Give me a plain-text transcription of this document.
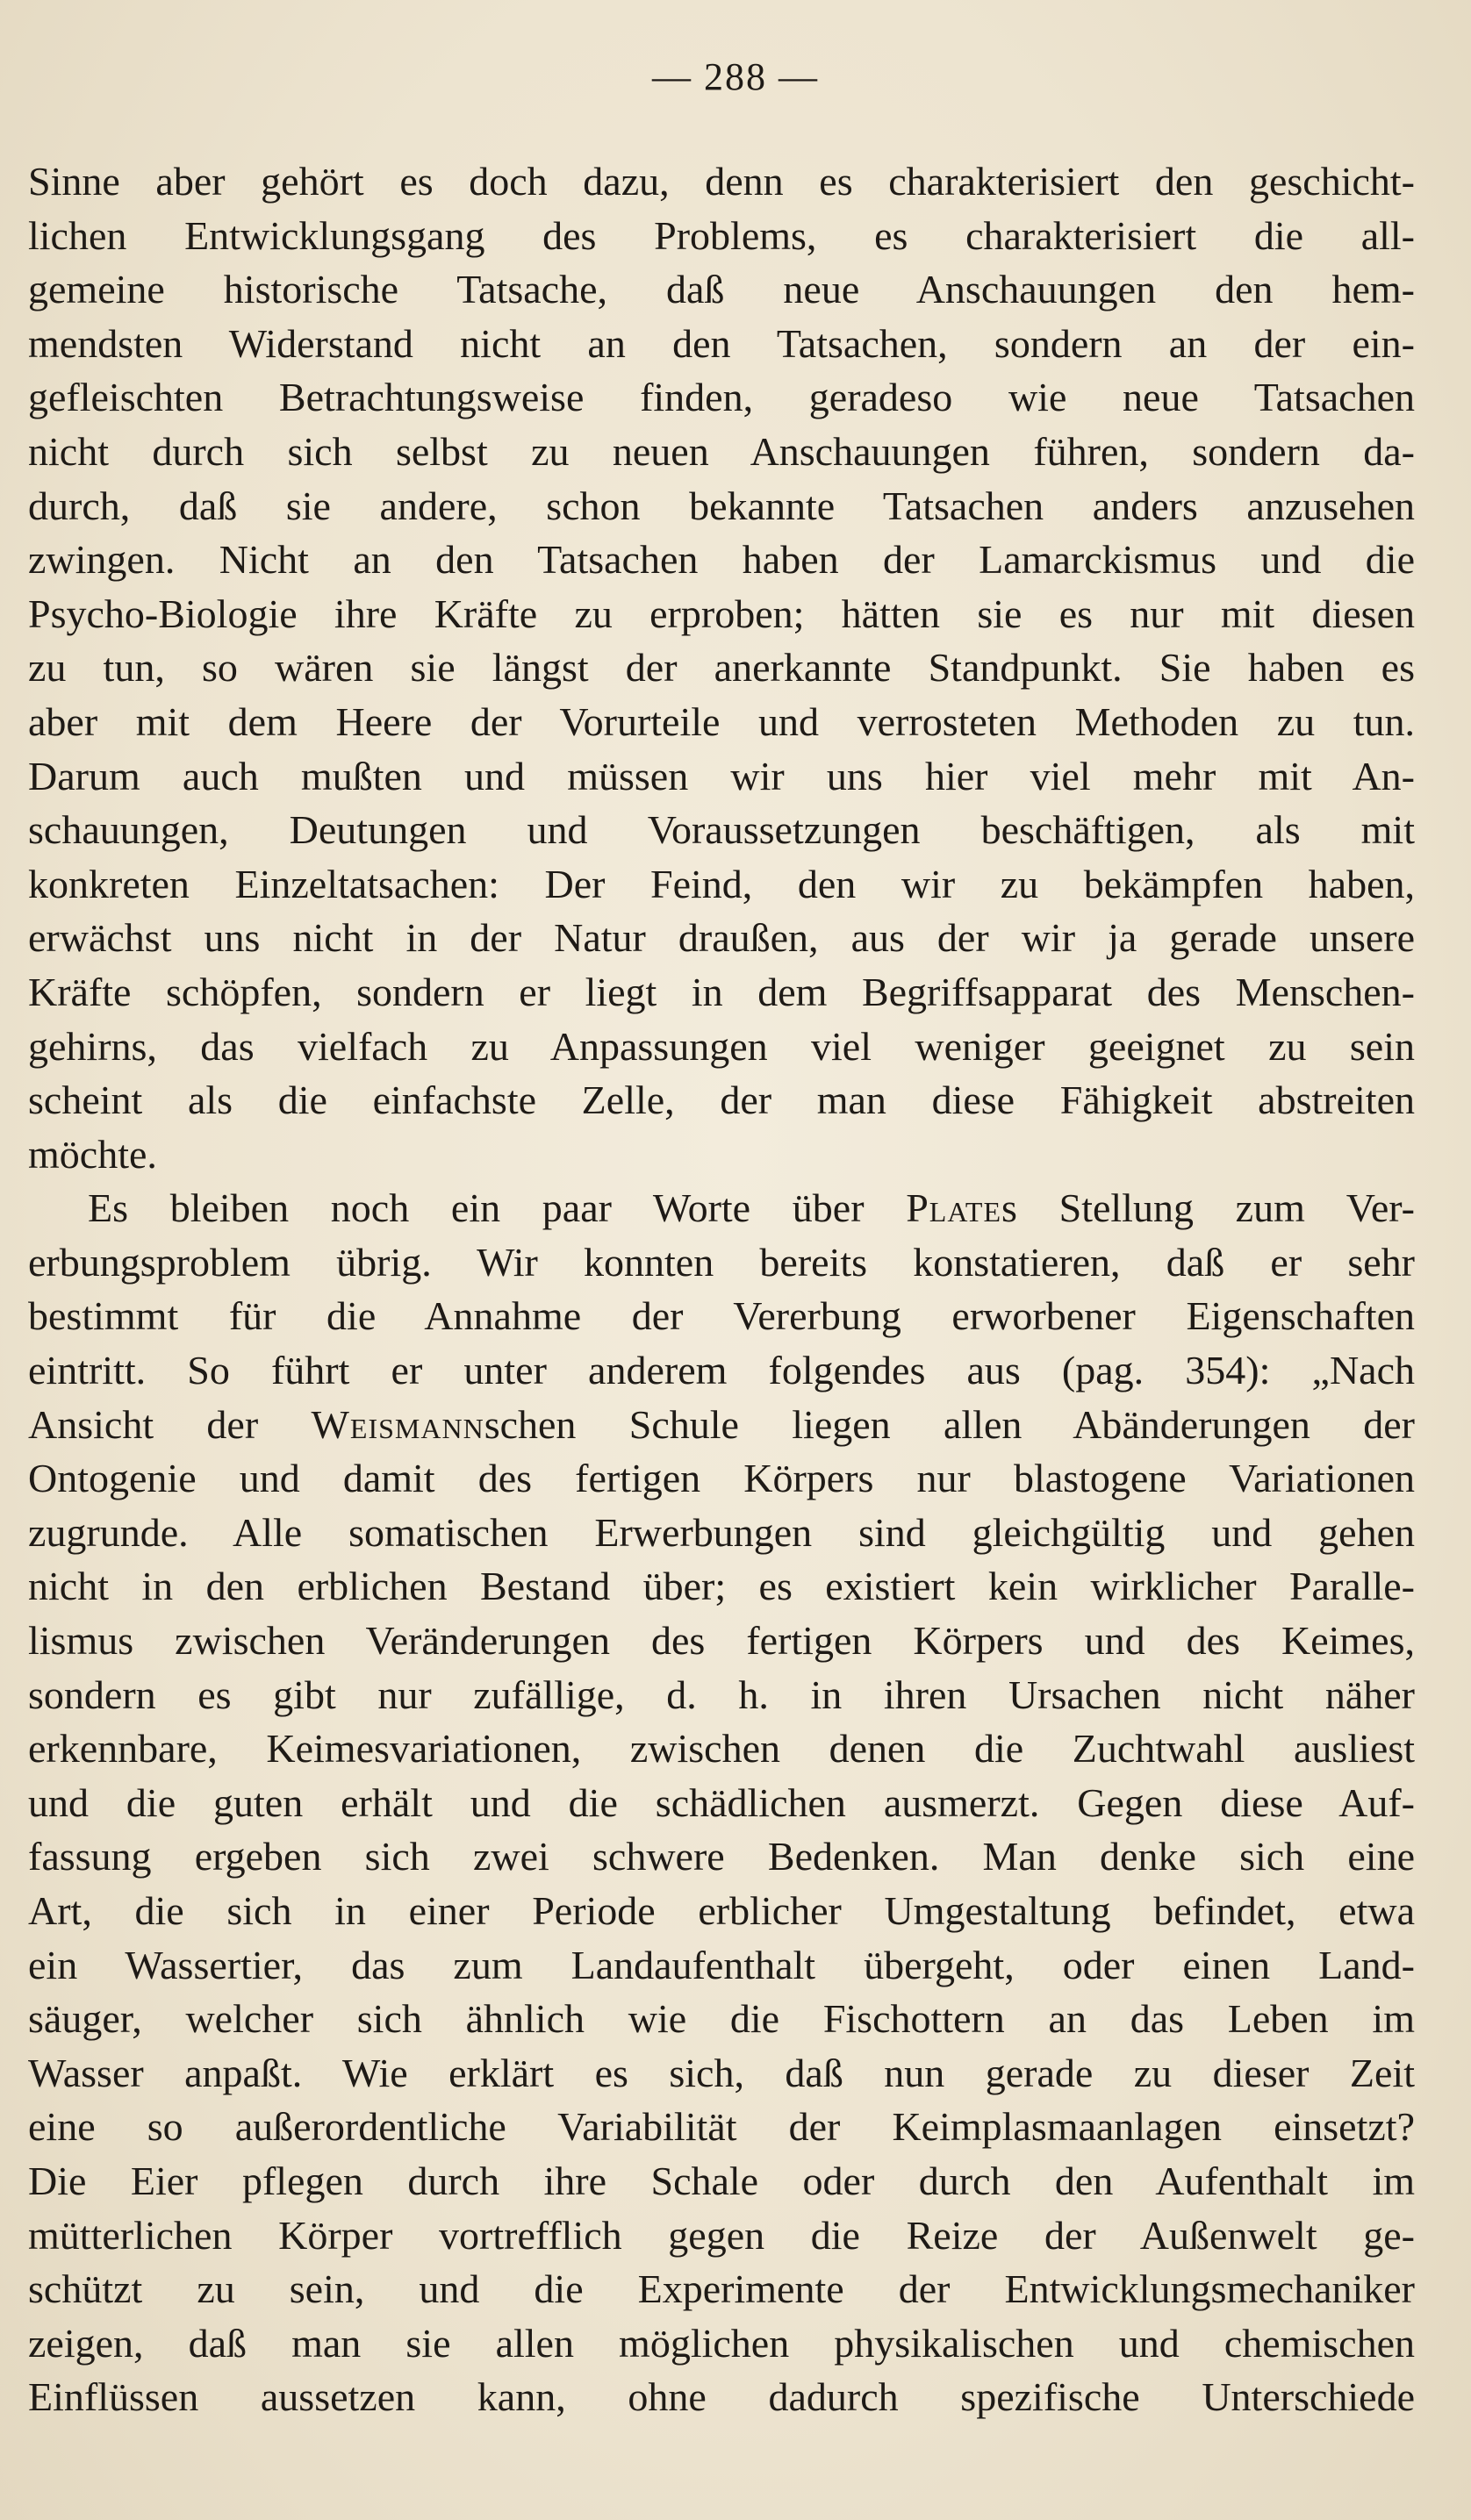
— 288 —
Sinne aber gehört es doch dazu, denn es charakterisiert den geschicht-
lichen Entwicklungsgang des Problems, es charakterisiert die all-
gemeine historische Tatsache, daß neue Anschauungen den hem-
mendsten Widerstand nicht an den Tatsachen, sondern an der ein-
gefleischten Betrachtungsweise finden, geradeso wie neue Tatsachen
nicht durch sich selbst zu neuen Anschauungen führen, sondern da-
durch, daß sie andere, schon bekannte Tatsachen anders anzusehen
zwingen. Nicht an den Tatsachen haben der Lamarckismus und die
Psycho-Biologie ihre Kräfte zu erproben; hätten sie es nur mit diesen
zu tun, so wären sie längst der anerkannte Standpunkt. Sie haben es
aber mit dem Heere der Vorurteile und verrosteten Methoden zu tun.
Darum auch mußten und müssen wir uns hier viel mehr mit An-
schauungen, Deutungen und Voraussetzungen beschäftigen, als mit
konkreten Einzeltatsachen: Der Feind, den wir zu bekämpfen haben,
erwächst uns nicht in der Natur draußen, aus der wir ja gerade unsere
Kräfte schöpfen, sondern er liegt in dem Begriffsapparat des Menschen-
gehirns, das vielfach zu Anpassungen viel weniger geeignet zu sein
scheint als die einfachste Zelle, der man diese Fähigkeit abstreiten
möchte.
Es bleiben noch ein paar Worte über Plates Stellung zum Ver-
erbungsproblem übrig. Wir konnten bereits konstatieren, daß er sehr
bestimmt für die Annahme der Vererbung erworbener Eigenschaften
eintritt. So führt er unter anderem folgendes aus (pag. 354): „Nach
Ansicht der Weismannschen Schule liegen allen Abänderungen der
Ontogenie und damit des fertigen Körpers nur blastogene Variationen
zugrunde. Alle somatischen Erwerbungen sind gleichgültig und gehen
nicht in den erblichen Bestand über; es existiert kein wirklicher Paralle-
lismus zwischen Veränderungen des fertigen Körpers und des Keimes,
sondern es gibt nur zufällige, d. h. in ihren Ursachen nicht näher
erkennbare, Keimesvariationen, zwischen denen die Zuchtwahl ausliest
und die guten erhält und die schädlichen ausmerzt. Gegen diese Auf-
fassung ergeben sich zwei schwere Bedenken. Man denke sich eine
Art, die sich in einer Periode erblicher Umgestaltung befindet, etwa
ein Wassertier, das zum Landaufenthalt übergeht, oder einen Land-
säuger, welcher sich ähnlich wie die Fischottern an das Leben im
Wasser anpaßt. Wie erklärt es sich, daß nun gerade zu dieser Zeit
eine so außerordentliche Variabilität der Keimplasmaanlagen einsetzt?
Die Eier pflegen durch ihre Schale oder durch den Aufenthalt im
mütterlichen Körper vortrefflich gegen die Reize der Außenwelt ge-
schützt zu sein, und die Experimente der Entwicklungsmechaniker
zeigen, daß man sie allen möglichen physikalischen und chemischen
Einflüssen aussetzen kann, ohne dadurch spezifische Unterschiede
